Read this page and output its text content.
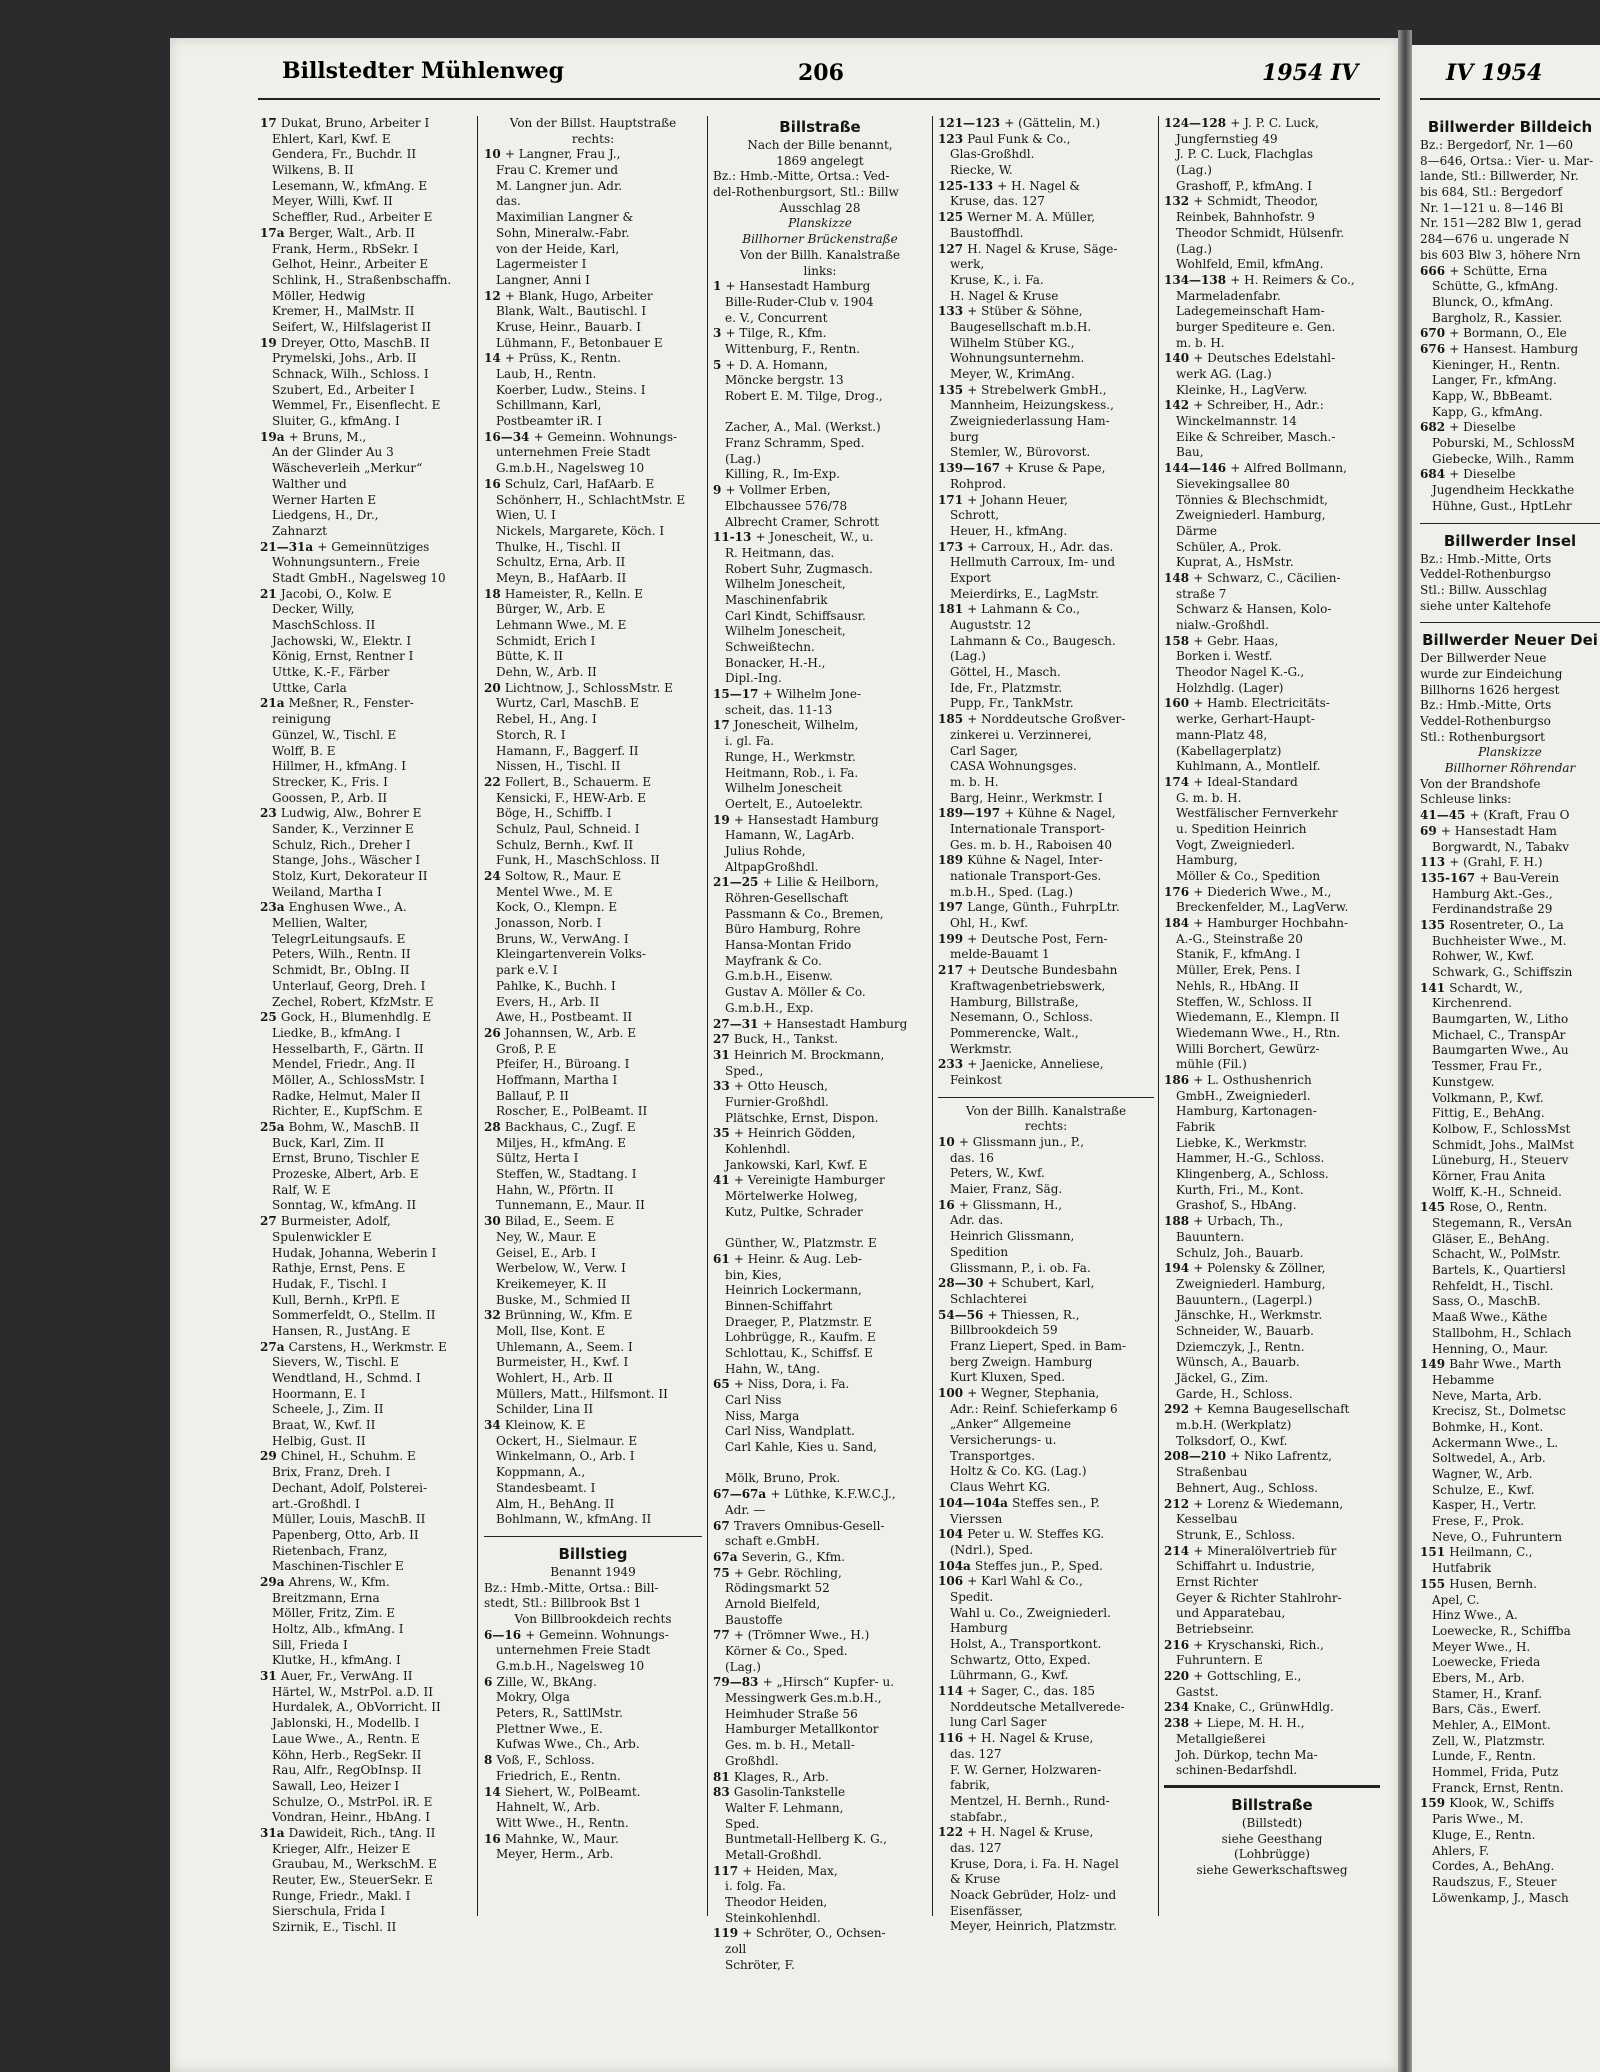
Billstedter Mühlenweg	206	1954 IV	IV 1954
17 Dukat, Bruno, Arbeiter I
Ehlert, Karl, Kwf. E
Gendera, Fr., Buchdr. II
Wilkens, B. II
Lesemann, W., kfmAng. E
Meyer, Willi, Kwf. II
Scheffler, Rud., Arbeiter E
17a Berger, Walt., Arb. II
Frank, Herm., RbSekr. I
Gelhot, Heinr., Arbeiter E
Schlink, H., Straßenbschaffn.
Möller, Hedwig
Kremer, H., MalMstr. II
Seifert, W., Hilfslagerist II
19 Dreyer, Otto, MaschB. II
Prymelski, Johs., Arb. II
Schnack, Wilh., Schloss. I
Szubert, Ed., Arbeiter I
Wemmel, Fr., Eisenflecht. E
Sluiter, G., kfmAng. I
19a + Bruns, M.,
An der Glinder Au 3
Wäscheverleih „Merkur“
Walther und
Werner Harten E
Liedgens, H., Dr.,
Zahnarzt
21—31a + Gemeinnütziges
Wohnungsuntern., Freie
Stadt GmbH., Nagelsweg 10
21 Jacobi, O., Kolw. E
Decker, Willy,
MaschSchloss. II
Jachowski, W., Elektr. I
König, Ernst, Rentner I
Uttke, K.-F., Färber
Uttke, Carla
21a Meßner, R., Fenster-
reinigung
Günzel, W., Tischl. E
Wolff, B. E
Hillmer, H., kfmAng. I
Strecker, K., Fris. I
Goossen, P., Arb. II
23 Ludwig, Alw., Bohrer E
Sander, K., Verzinner E
Schulz, Rich., Dreher I
Stange, Johs., Wäscher I
Stolz, Kurt, Dekorateur II
Weiland, Martha I
23a Enghusen Wwe., A.
Mellien, Walter,
TelegrLeitungsaufs. E
Peters, Wilh., Rentn. II
Schmidt, Br., ObIng. II
Unterlauf, Georg, Dreh. I
Zechel, Robert, KfzMstr. E
25 Gock, H., Blumenhdlg. E
Liedke, B., kfmAng. I
Hesselbarth, F., Gärtn. II
Mendel, Friedr., Ang. II
Möller, A., SchlossMstr. I
Radke, Helmut, Maler II
Richter, E., KupfSchm. E
25a Bohm, W., MaschB. II
Buck, Karl, Zim. II
Ernst, Bruno, Tischler E
Prozeske, Albert, Arb. E
Ralf, W. E
Sonntag, W., kfmAng. II
27 Burmeister, Adolf,
Spulenwickler E
Hudak, Johanna, Weberin I
Rathje, Ernst, Pens. E
Hudak, F., Tischl. I
Kull, Bernh., KrPfl. E
Sommerfeldt, O., Stellm. II
Hansen, R., JustAng. E
27a Carstens, H., Werkmstr. E
Sievers, W., Tischl. E
Wendtland, H., Schmd. I
Hoormann, E. I
Scheele, J., Zim. II
Braat, W., Kwf. II
Helbig, Gust. II
29 Chinel, H., Schuhm. E
Brix, Franz, Dreh. I
Dechant, Adolf, Polsterei-
art.-Großhdl. I
Müller, Louis, MaschB. II
Papenberg, Otto, Arb. II
Rietenbach, Franz,
Maschinen-Tischler E
29a Ahrens, W., Kfm.
Breitzmann, Erna
Möller, Fritz, Zim. E
Holtz, Alb., kfmAng. I
Sill, Frieda I
Klutke, H., kfmAng. I
31 Auer, Fr., VerwAng. II
Härtel, W., MstrPol. a.D. II
Hurdalek, A., ObVorricht. II
Jablonski, H., Modellb. I
Laue Wwe., A., Rentn. E
Köhn, Herb., RegSekr. II
Rau, Alfr., RegObInsp. II
Sawall, Leo, Heizer I
Schulze, O., MstrPol. iR. E
Vondran, Heinr., HbAng. I
31a Dawideit, Rich., tAng. II
Krieger, Alfr., Heizer E
Graubau, M., WerkschM. E
Reuter, Ew., SteuerSekr. E
Runge, Friedr., Makl. I
Sierschula, Frida I
Szirnik, E., Tischl. II
Von der Billst. Hauptstraße
rechts:
10 + Langner, Frau J.,
Frau C. Kremer und
M. Langner jun. Adr.
das.
Maximilian Langner &
Sohn, Mineralw.-Fabr.
von der Heide, Karl,
Lagermeister I
Langner, Anni I
12 + Blank, Hugo, Arbeiter
Blank, Walt., Bautischl. I
Kruse, Heinr., Bauarb. I
Lühmann, F., Betonbauer E
14 + Prüss, K., Rentn.
Laub, H., Rentn.
Koerber, Ludw., Steins. I
Schillmann, Karl,
Postbeamter iR. I
16—34 + Gemeinn. Wohnungs-
unternehmen Freie Stadt
G.m.b.H., Nagelsweg 10
16 Schulz, Carl, HafAarb. E
Schönherr, H., SchlachtMstr. E
Wien, U. I
Nickels, Margarete, Köch. I
Thulke, H., Tischl. II
Schultz, Erna, Arb. II
Meyn, B., HafAarb. II
18 Hameister, R., Kelln. E
Bürger, W., Arb. E
Lehmann Wwe., M. E
Schmidt, Erich I
Bütte, K. II
Dehn, W., Arb. II
20 Lichtnow, J., SchlossMstr. E
Wurtz, Carl, MaschB. E
Rebel, H., Ang. I
Storch, R. I
Hamann, F., Baggerf. II
Nissen, H., Tischl. II
22 Follert, B., Schauerm. E
Kensicki, F., HEW-Arb. E
Böge, H., Schiffb. I
Schulz, Paul, Schneid. I
Schulz, Bernh., Kwf. II
Funk, H., MaschSchloss. II
24 Soltow, R., Maur. E
Mentel Wwe., M. E
Kock, O., Klempn. E
Jonasson, Norb. I
Bruns, W., VerwAng. I
Kleingartenverein Volks-
park e.V. I
Pahlke, K., Buchh. I
Evers, H., Arb. II
Awe, H., Postbeamt. II
26 Johannsen, W., Arb. E
Groß, P. E
Pfeifer, H., Büroang. I
Hoffmann, Martha I
Ballauf, P. II
Roscher, E., PolBeamt. II
28 Backhaus, C., Zugf. E
Miljes, H., kfmAng. E
Sültz, Herta I
Steffen, W., Stadtang. I
Hahn, W., Pförtn. II
Tunnemann, E., Maur. II
30 Bilad, E., Seem. E
Ney, W., Maur. E
Geisel, E., Arb. I
Werbelow, W., Verw. I
Kreikemeyer, K. II
Buske, M., Schmied II
32 Brünning, W., Kfm. E
Moll, Ilse, Kont. E
Uhlemann, A., Seem. I
Burmeister, H., Kwf. I
Wohlert, H., Arb. II
Müllers, Matt., Hilfsmont. II
Schilder, Lina II
34 Kleinow, K. E
Ockert, H., Sielmaur. E
Winkelmann, O., Arb. I
Koppmann, A.,
Standesbeamt. I
Alm, H., BehAng. II
Bohlmann, W., kfmAng. II
Billstieg
Benannt 1949
Bz.: Hmb.-Mitte, Ortsa.: Bill-
stedt, Stl.: Billbrook Bst 1
Von Billbrookdeich rechts
6—16 + Gemeinn. Wohnungs-
unternehmen Freie Stadt
G.m.b.H., Nagelsweg 10
6 Zille, W., BkAng.
Mokry, Olga
Peters, R., SattlMstr.
Plettner Wwe., E.
Kufwas Wwe., Ch., Arb.
8 Voß, F., Schloss.
Friedrich, E., Rentn.
14 Siehert, W., PolBeamt.
Hahnelt, W., Arb.
Witt Wwe., H., Rentn.
16 Mahnke, W., Maur.
Meyer, Herm., Arb.
Billstraße
Nach der Bille benannt,
1869 angelegt
Bz.: Hmb.-Mitte, Ortsa.: Ved-
del-Rothenburgsort, Stl.: Billw
Ausschlag 28
Planskizze
Billhorner Brückenstraße
Von der Billh. Kanalstraße
links:
1 + Hansestadt Hamburg
Bille-Ruder-Club v. 1904
e. V., Concurrent
3 + Tilge, R., Kfm.
Wittenburg, F., Rentn.
5 + D. A. Homann,
Möncke bergstr. 13
Robert E. M. Tilge, Drog.,
Zacher, A., Mal. (Werkst.)
Franz Schramm, Sped.
(Lag.)
Killing, R., Im-Exp.
9 + Vollmer Erben,
Elbchaussee 576/78
Albrecht Cramer, Schrott
11-13 + Jonescheit, W., u.
R. Heitmann, das.
Robert Suhr, Zugmasch.
Wilhelm Jonescheit,
Maschinenfabrik
Carl Kindt, Schiffsausr.
Wilhelm Jonescheit,
Schweißtechn.
Bonacker, H.-H.,
Dipl.-Ing.
15—17 + Wilhelm Jone-
scheit, das. 11-13
17 Jonescheit, Wilhelm,
i. gl. Fa.
Runge, H., Werkmstr.
Heitmann, Rob., i. Fa.
Wilhelm Jonescheit
Oertelt, E., Autoelektr.
19 + Hansestadt Hamburg
Hamann, W., LagArb.
Julius Rohde,
AltpapGroßhdl.
21—25 + Lilie & Heilborn,
Röhren-Gesellschaft
Passmann & Co., Bremen,
Büro Hamburg, Rohre
Hansa-Montan Frido
Mayfrank & Co.
G.m.b.H., Eisenw.
Gustav A. Möller & Co.
G.m.b.H., Exp.
27—31 + Hansestadt Hamburg
27 Buck, H., Tankst.
31 Heinrich M. Brockmann,
Sped.,
33 + Otto Heusch,
Furnier-Großhdl.
Plätschke, Ernst, Dispon.
35 + Heinrich Gödden,
Kohlenhdl.
Jankowski, Karl, Kwf. E
41 + Vereinigte Hamburger
Mörtelwerke Holweg,
Kutz, Pultke, Schrader
Günther, W., Platzmstr. E
61 + Heinr. & Aug. Leb-
bin, Kies,
Heinrich Lockermann,
Binnen-Schiffahrt
Draeger, P., Platzmstr. E
Lohbrügge, R., Kaufm. E
Schlottau, K., Schiffsf. E
Hahn, W., tAng.
65 + Niss, Dora, i. Fa.
Carl Niss
Niss, Marga
Carl Niss, Wandplatt.
Carl Kahle, Kies u. Sand,
Mölk, Bruno, Prok.
67—67a + Lüthke, K.F.W.C.J.,
Adr. —
67 Travers Omnibus-Gesell-
schaft e.GmbH.
67a Severin, G., Kfm.
75 + Gebr. Röchling,
Rödingsmarkt 52
Arnold Bielfeld,
Baustoffe
77 + (Trömner Wwe., H.)
Körner & Co., Sped.
(Lag.)
79—83 + „Hirsch“ Kupfer- u.
Messingwerk Ges.m.b.H.,
Heimhuder Straße 56
Hamburger Metallkontor
Ges. m. b. H., Metall-
Großhdl.
81 Klages, R., Arb.
83 Gasolin-Tankstelle
Walter F. Lehmann,
Sped.
Buntmetall-Hellberg K. G.,
Metall-Großhdl.
117 + Heiden, Max,
i. folg. Fa.
Theodor Heiden,
Steinkohlenhdl.
119 + Schröter, O., Ochsen-
zoll
Schröter, F.
121—123 + (Gättelin, M.)
123 Paul Funk & Co.,
Glas-Großhdl.
Riecke, W.
125-133 + H. Nagel &
Kruse, das. 127
125 Werner M. A. Müller,
Baustoffhdl.
127 H. Nagel & Kruse, Säge-
werk,
Kruse, K., i. Fa.
H. Nagel & Kruse
133 + Stüber & Söhne,
Baugesellschaft m.b.H.
Wilhelm Stüber KG.,
Wohnungsunternehm.
Meyer, W., KrimAng.
135 + Strebelwerk GmbH.,
Mannheim, Heizungskess.,
Zweigniederlassung Ham-
burg
Stemler, W., Bürovorst.
139—167 + Kruse & Pape,
Rohprod.
171 + Johann Heuer,
Schrott,
Heuer, H., kfmAng.
173 + Carroux, H., Adr. das.
Hellmuth Carroux, Im- und
Export
Meierdirks, E., LagMstr.
181 + Lahmann & Co.,
Auguststr. 12
Lahmann & Co., Baugesch.
(Lag.)
Göttel, H., Masch.
Ide, Fr., Platzmstr.
Pupp, Fr., TankMstr.
185 + Norddeutsche Großver-
zinkerei u. Verzinnerei,
Carl Sager,
CASA Wohnungsges.
m. b. H.
Barg, Heinr., Werkmstr. I
189—197 + Kühne & Nagel,
Internationale Transport-
Ges. m. b. H., Raboisen 40
189 Kühne & Nagel, Inter-
nationale Transport-Ges.
m.b.H., Sped. (Lag.)
197 Lange, Günth., FuhrpLtr.
Ohl, H., Kwf.
199 + Deutsche Post, Fern-
melde-Bauamt 1
217 + Deutsche Bundesbahn
Kraftwagenbetriebswerk,
Hamburg, Billstraße,
Nesemann, O., Schloss.
Pommerencke, Walt.,
Werkmstr.
233 + Jaenicke, Anneliese,
Feinkost
Von der Billh. Kanalstraße
rechts:
10 + Glissmann jun., P.,
das. 16
Peters, W., Kwf.
Maier, Franz, Säg.
16 + Glissmann, H.,
Adr. das.
Heinrich Glissmann,
Spedition
Glissmann, P., i. ob. Fa.
28—30 + Schubert, Karl,
Schlachterei
54—56 + Thiessen, R.,
Billbrookdeich 59
Franz Liepert, Sped. in Bam-
berg Zweign. Hamburg
Kurt Kluxen, Sped.
100 + Wegner, Stephania,
Adr.: Reinf. Schieferkamp 6
„Anker“ Allgemeine
Versicherungs- u.
Transportges.
Holtz & Co. KG. (Lag.)
Claus Wehrt KG.
104—104a Steffes sen., P.
Vierssen
104 Peter u. W. Steffes KG.
(Ndrl.), Sped.
104a Steffes jun., P., Sped.
106 + Karl Wahl & Co.,
Spedit.
Wahl u. Co., Zweigniederl.
Hamburg
Holst, A., Transportkont.
Schwartz, Otto, Exped.
Lührmann, G., Kwf.
114 + Sager, C., das. 185
Norddeutsche Metallverede-
lung Carl Sager
116 + H. Nagel & Kruse,
das. 127
F. W. Gerner, Holzwaren-
fabrik,
Mentzel, H. Bernh., Rund-
stabfabr.,
122 + H. Nagel & Kruse,
das. 127
Kruse, Dora, i. Fa. H. Nagel
& Kruse
Noack Gebrüder, Holz- und
Eisenfässer,
Meyer, Heinrich, Platzmstr.
124—128 + J. P. C. Luck,
Jungfernstieg 49
J. P. C. Luck, Flachglas
(Lag.)
Grashoff, P., kfmAng. I
132 + Schmidt, Theodor,
Reinbek, Bahnhofstr. 9
Theodor Schmidt, Hülsenfr.
(Lag.)
Wohlfeld, Emil, kfmAng.
134—138 + H. Reimers & Co.,
Marmeladenfabr.
Ladegemeinschaft Ham-
burger Spediteure e. Gen.
m. b. H.
140 + Deutsches Edelstahl-
werk AG. (Lag.)
Kleinke, H., LagVerw.
142 + Schreiber, H., Adr.:
Winckelmannstr. 14
Eike & Schreiber, Masch.-
Bau,
144—146 + Alfred Bollmann,
Sievekingsallee 80
Tönnies & Blechschmidt,
Zweigniederl. Hamburg,
Därme
Schüler, A., Prok.
Kuprat, A., HsMstr.
148 + Schwarz, C., Cäcilien-
straße 7
Schwarz & Hansen, Kolo-
nialw.-Großhdl.
158 + Gebr. Haas,
Borken i. Westf.
Theodor Nagel K.-G.,
Holzhdlg. (Lager)
160 + Hamb. Electricitäts-
werke, Gerhart-Haupt-
mann-Platz 48,
(Kabellagerplatz)
Kuhlmann, A., Montlelf.
174 + Ideal-Standard
G. m. b. H.
Westfälischer Fernverkehr
u. Spedition Heinrich
Vogt, Zweigniederl.
Hamburg,
Möller & Co., Spedition
176 + Diederich Wwe., M.,
Breckenfelder, M., LagVerw.
184 + Hamburger Hochbahn-
A.-G., Steinstraße 20
Stanik, F., kfmAng. I
Müller, Erek, Pens. I
Nehls, R., HbAng. II
Steffen, W., Schloss. II
Wiedemann, E., Klempn. II
Wiedemann Wwe., H., Rtn.
Willi Borchert, Gewürz-
mühle (Fil.)
186 + L. Osthushenrich
GmbH., Zweigniederl.
Hamburg, Kartonagen-
Fabrik
Liebke, K., Werkmstr.
Hammer, H.-G., Schloss.
Klingenberg, A., Schloss.
Kurth, Fri., M., Kont.
Grashof, S., HbAng.
188 + Urbach, Th.,
Bauuntern.
Schulz, Joh., Bauarb.
194 + Polensky & Zöllner,
Zweigniederl. Hamburg,
Bauuntern., (Lagerpl.)
Jänschke, H., Werkmstr.
Schneider, W., Bauarb.
Dziemczyk, J., Rentn.
Wünsch, A., Bauarb.
Jäckel, G., Zim.
Garde, H., Schloss.
292 + Kemna Baugesellschaft
m.b.H. (Werkplatz)
Tolksdorf, O., Kwf.
208—210 + Niko Lafrentz,
Straßenbau
Behnert, Aug., Schloss.
212 + Lorenz & Wiedemann,
Kesselbau
Strunk, E., Schloss.
214 + Mineralölvertrieb für
Schiffahrt u. Industrie,
Ernst Richter
Geyer & Richter Stahlrohr-
und Apparatebau,
Betriebseinr.
216 + Kryschanski, Rich.,
Fuhruntern. E
220 + Gottschling, E.,
Gastst.
234 Knake, C., GrünwHdlg.
238 + Liepe, M. H. H.,
Metallgießerei
Joh. Dürkop, techn Ma-
schinen-Bedarfshdl.
Billstraße
(Billstedt)
siehe Geesthang
(Lohbrügge)
siehe Gewerkschaftsweg
Billwerder Billdeich
Bz.: Bergedorf, Nr. 1—60
8—646, Ortsa.: Vier- u. Mar-
lande, Stl.: Billwerder, Nr.
bis 684, Stl.: Bergedorf
Nr. 1—121 u. 8—146 Bl
Nr. 151—282 Blw 1, gerad
284—676 u. ungerade N
bis 603 Blw 3, höhere Nrn
666 + Schütte, Erna
Schütte, G., kfmAng.
Blunck, O., kfmAng.
Bargholz, R., Kassier.
670 + Bormann, O., Ele
676 + Hansest. Hamburg
Kieninger, H., Rentn.
Langer, Fr., kfmAng.
Kapp, W., BbBeamt.
Kapp, G., kfmAng.
682 + Dieselbe
Poburski, M., SchlossM
Giebecke, Wilh., Ramm
684 + Dieselbe
Jugendheim Heckkathe
Hühne, Gust., HptLehr
Billwerder Insel
Bz.: Hmb.-Mitte, Orts
Veddel-Rothenburgso
Stl.: Billw. Ausschlag
siehe unter Kaltehofe
Billwerder Neuer Dei
Der Billwerder Neue
wurde zur Eindeichung
Billhorns 1626 hergest
Bz.: Hmb.-Mitte, Orts
Veddel-Rothenburgso
Stl.: Rothenburgsort
Planskizze
Billhorner Röhrendar
Von der Brandshofe
Schleuse links:
41—45 + (Kraft, Frau O
69 + Hansestadt Ham
Borgwardt, N., Tabakv
113 + (Grahl, F. H.)
135-167 + Bau-Verein
Hamburg Akt.-Ges.,
Ferdinandstraße 29
135 Rosentreter, O., La
Buchheister Wwe., M.
Rohwer, W., Kwf.
Schwark, G., Schiffszin
141 Schardt, W.,
Kirchenrend.
Baumgarten, W., Litho
Michael, C., TranspAr
Baumgarten Wwe., Au
Tessmer, Frau Fr.,
Kunstgew.
Volkmann, P., Kwf.
Fittig, E., BehAng.
Kolbow, F., SchlossMst
Schmidt, Johs., MalMst
Lüneburg, H., Steuerv
Körner, Frau Anita
Wolff, K.-H., Schneid.
145 Rose, O., Rentn.
Stegemann, R., VersAn
Gläser, E., BehAng.
Schacht, W., PolMstr.
Bartels, K., Quartiersl
Rehfeldt, H., Tischl.
Sass, O., MaschB.
Maaß Wwe., Käthe
Stallbohm, H., Schlach
Henning, O., Maur.
149 Bahr Wwe., Marth
Hebamme
Neve, Marta, Arb.
Krecisz, St., Dolmetsc
Bohmke, H., Kont.
Ackermann Wwe., L.
Soltwedel, A., Arb.
Wagner, W., Arb.
Schulze, E., Kwf.
Kasper, H., Vertr.
Frese, F., Prok.
Neve, O., Fuhruntern
151 Heilmann, C.,
Hutfabrik
155 Husen, Bernh.
Apel, C.
Hinz Wwe., A.
Loewecke, R., Schiffba
Meyer Wwe., H.
Loewecke, Frieda
Ebers, M., Arb.
Stamer, H., Kranf.
Bars, Cäs., Ewerf.
Mehler, A., ElMont.
Zell, W., Platzmstr.
Lunde, F., Rentn.
Hommel, Frida, Putz
Franck, Ernst, Rentn.
159 Klook, W., Schiffs
Paris Wwe., M.
Kluge, E., Rentn.
Ahlers, F.
Cordes, A., BehAng.
Raudszus, F., Steuer
Löwenkamp, J., Masch
